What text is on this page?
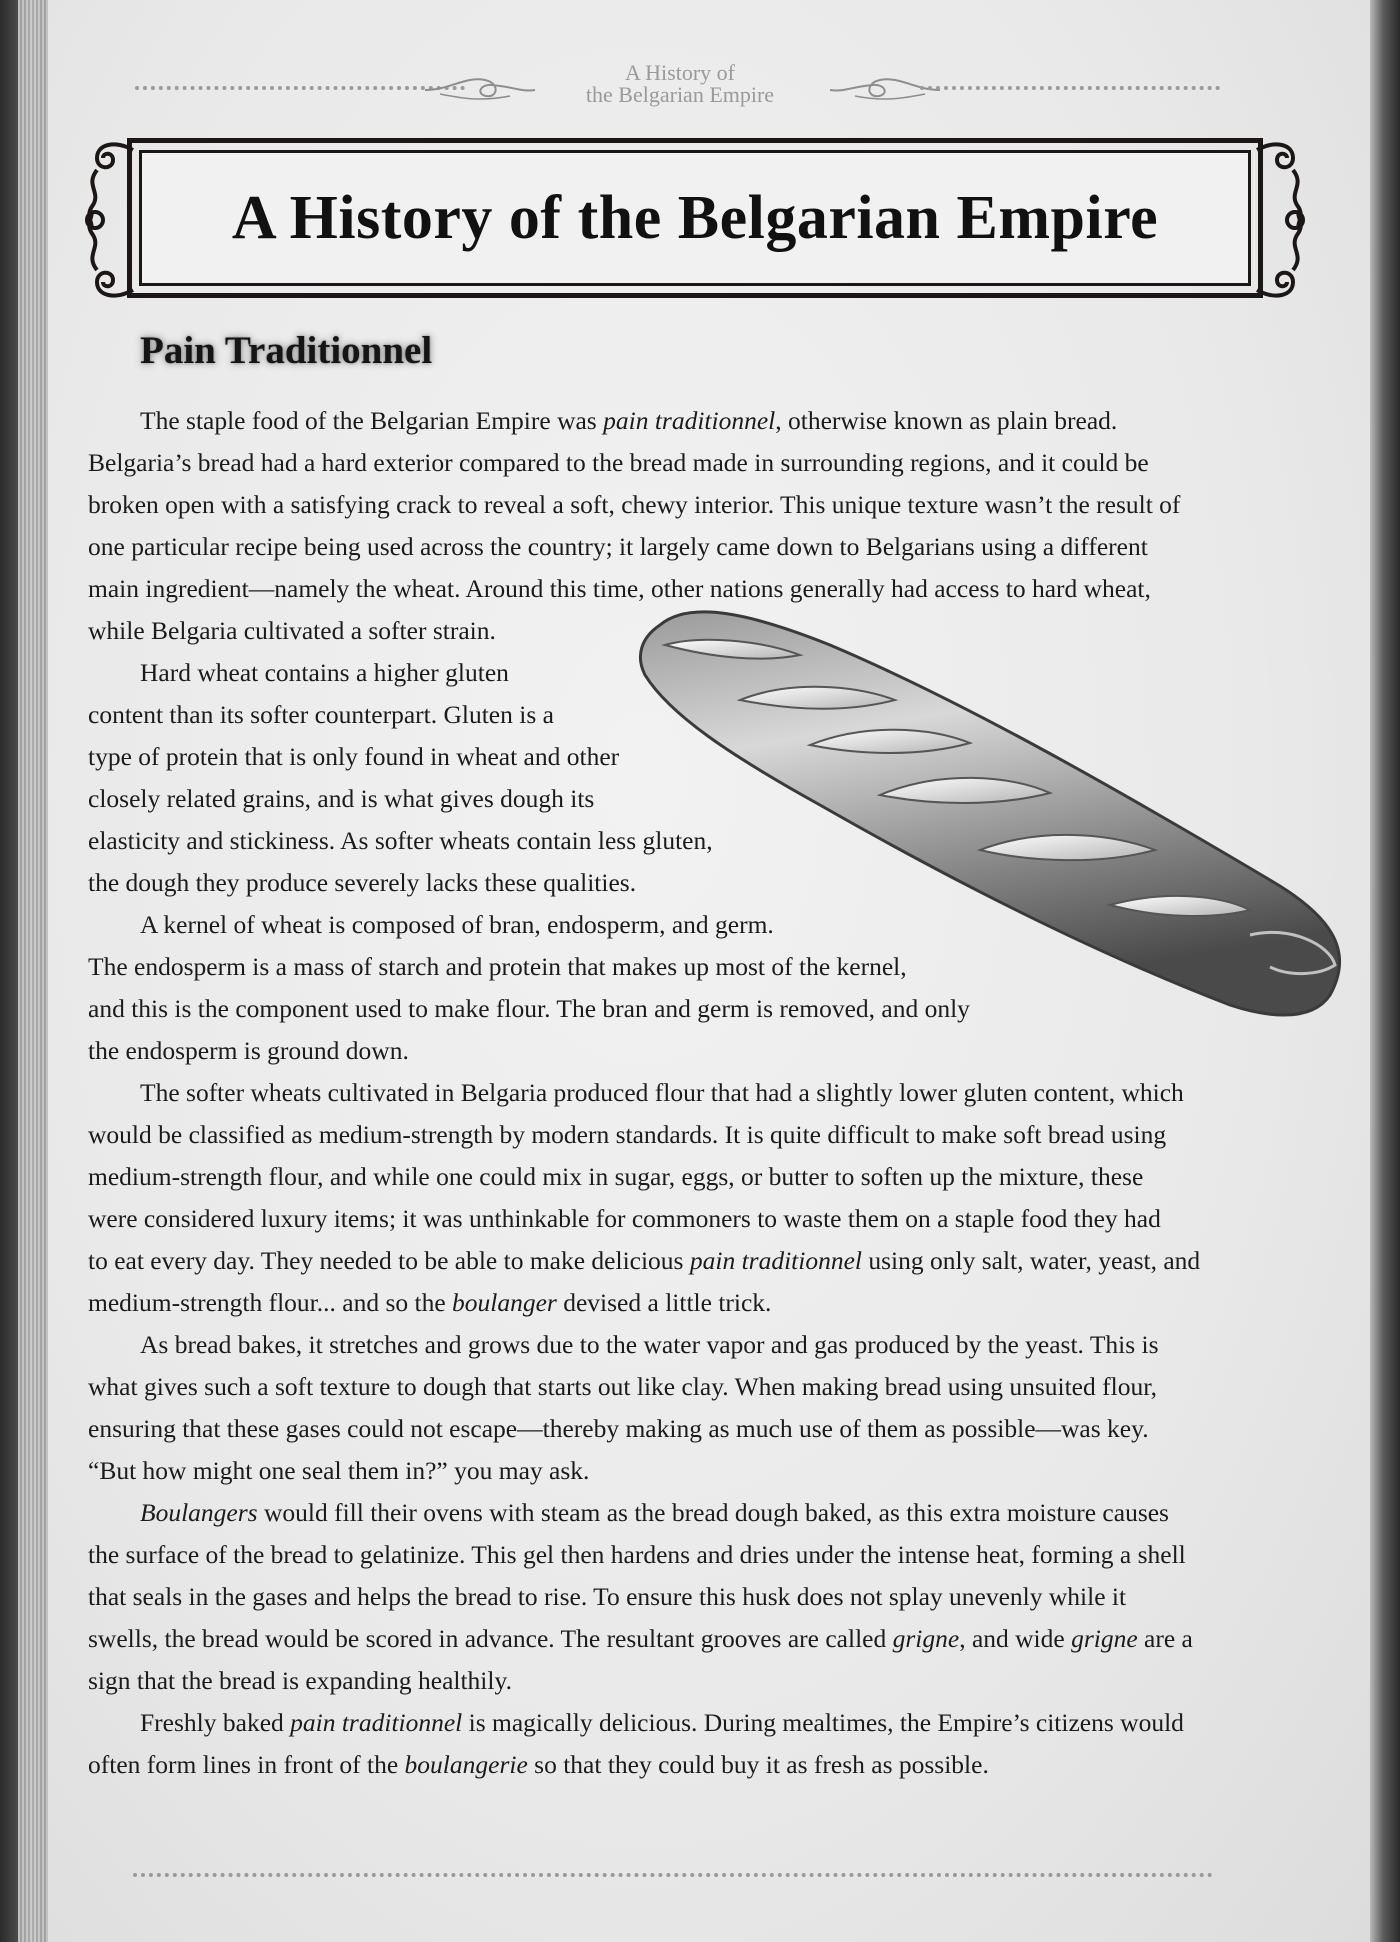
A History of
the Belgarian Empire
A History of the Belgarian Empire
Pain Traditionnel

The staple food of the Belgarian Empire was pain traditionnel, otherwise known as plain bread.
Belgaria’s bread had a hard exterior compared to the bread made in surrounding regions, and it could be
broken open with a satisfying crack to reveal a soft, chewy interior. This unique texture wasn’t the result of
one particular recipe being used across the country; it largely came down to Belgarians using a different
main ingredient—namely the wheat. Around this time, other nations generally had access to hard wheat,
while Belgaria cultivated a softer strain.

Hard wheat contains a higher gluten
content than its softer counterpart. Gluten is a
type of protein that is only found in wheat and other
closely related grains, and is what gives dough its
elasticity and stickiness. As softer wheats contain less gluten,
the dough they produce severely lacks these qualities.

A kernel of wheat is composed of bran, endosperm, and germ.
The endosperm is a mass of starch and protein that makes up most of the kernel,
and this is the component used to make flour. The bran and germ is removed, and only
the endosperm is ground down.

The softer wheats cultivated in Belgaria produced flour that had a slightly lower gluten content, which
would be classified as medium-strength by modern standards. It is quite difficult to make soft bread using
medium-strength flour, and while one could mix in sugar, eggs, or butter to soften up the mixture, these
were considered luxury items; it was unthinkable for commoners to waste them on a staple food they had
to eat every day. They needed to be able to make delicious pain traditionnel using only salt, water, yeast, and
medium-strength flour... and so the boulanger devised a little trick.

As bread bakes, it stretches and grows due to the water vapor and gas produced by the yeast. This is
what gives such a soft texture to dough that starts out like clay. When making bread using unsuited flour,
ensuring that these gases could not escape—thereby making as much use of them as possible—was key.
“But how might one seal them in?” you may ask.

Boulangers would fill their ovens with steam as the bread dough baked, as this extra moisture causes
the surface of the bread to gelatinize. This gel then hardens and dries under the intense heat, forming a shell
that seals in the gases and helps the bread to rise. To ensure this husk does not splay unevenly while it
swells, the bread would be scored in advance. The resultant grooves are called grigne, and wide grigne are a
sign that the bread is expanding healthily.

Freshly baked pain traditionnel is magically delicious. During mealtimes, the Empire’s citizens would
often form lines in front of the boulangerie so that they could buy it as fresh as possible.
